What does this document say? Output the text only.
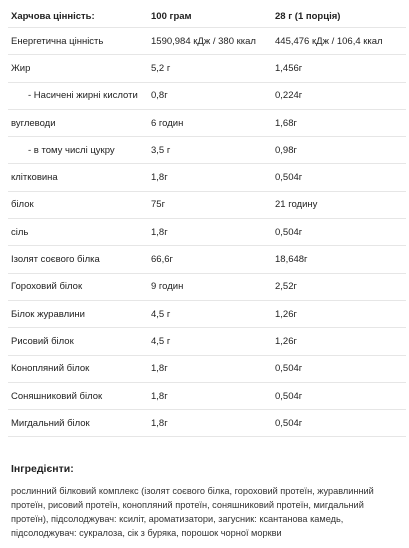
Харчова цінність:	100 грам	28 г (1 порція)
Енергетична цінність	1590,984 кДж / 380 ккал	445,476 кДж / 106,4 ккал
Жир	5,2 г	1,456г
- Насичені жирні кислоти	0,8г	0,224г
вуглеводи	6 годин	1,68г
- в тому числі цукру	3,5 г	0,98г
клітковина	1,8г	0,504г
білок	75г	21 годину
сіль	1,8г	0,504г
Ізолят соєвого білка	66,6г	18,648г
Гороховий білок	9 годин	2,52г
Білок журавлини	4,5 г	1,26г
Рисовий білок	4,5 г	1,26г
Конопляний білок	1,8г	0,504г
Соняшниковий білок	1,8г	0,504г
Мигдальний білок	1,8г	0,504г
Інгредієнти:

рослинний білковий комплекс (ізолят соєвого білка, гороховий протеїн, журавлинний протеїн, рисовий протеїн, конопляний протеїн, соняшниковий протеїн, мигдальний протеїн), підсолоджувач: ксиліт, ароматизатори, загусник: ксантанова камедь, підсолоджувач: сукралоза, сік з буряка, порошок чорної моркви
